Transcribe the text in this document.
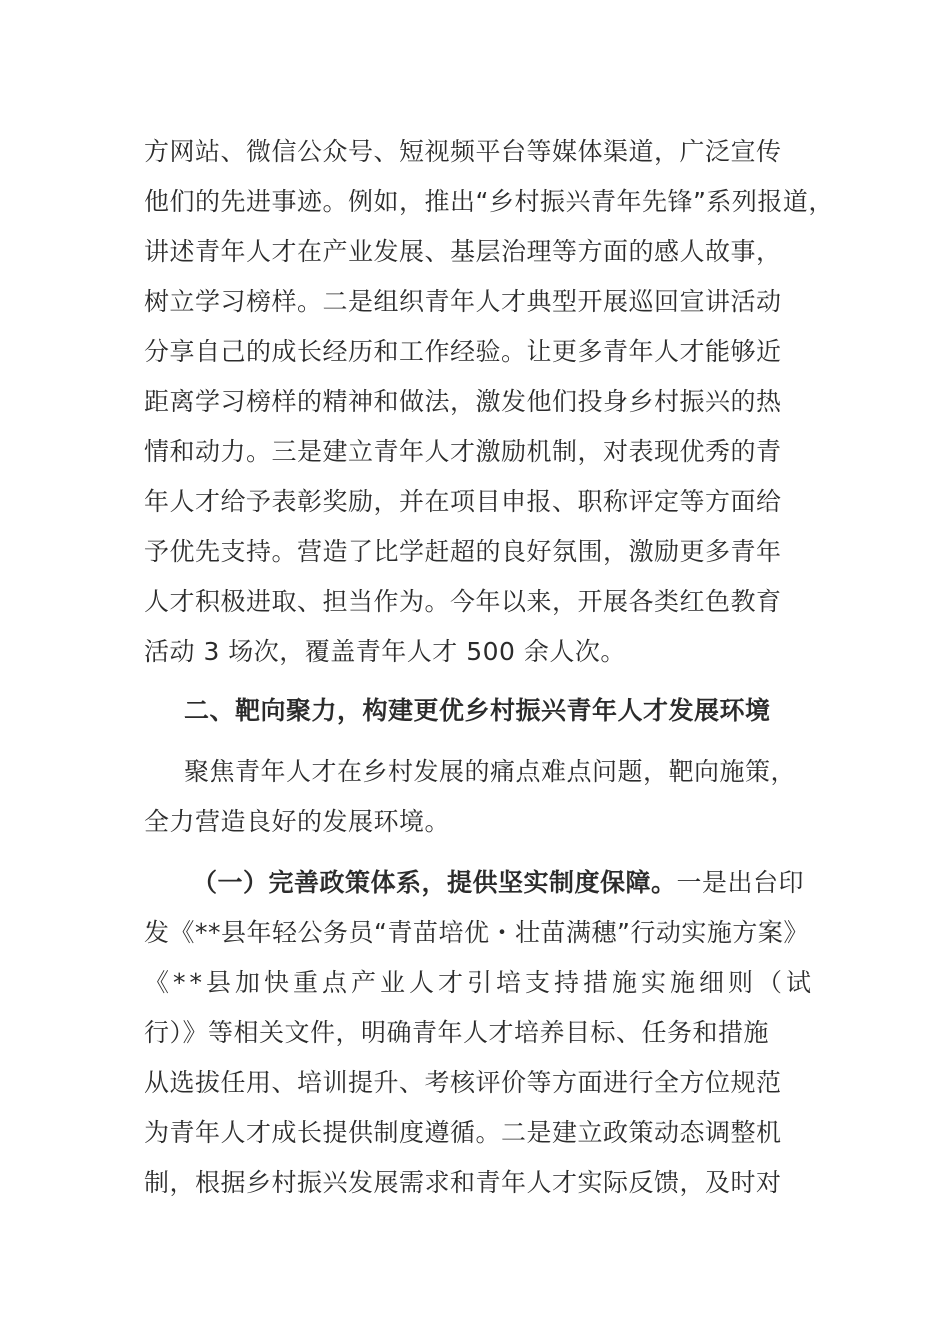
方网站、微信公众号、短视频平台等媒体渠道，广泛宣传
他们的先进事迹。例如，推出“乡村振兴青年先锋”系列报道，
讲述青年人才在产业发展、基层治理等方面的感人故事，
树立学习榜样。二是组织青年人才典型开展巡回宣讲活动
分享自己的成长经历和工作经验。让更多青年人才能够近
距离学习榜样的精神和做法，激发他们投身乡村振兴的热
情和动力。三是建立青年人才激励机制，对表现优秀的青
年人才给予表彰奖励，并在项目申报、职称评定等方面给
予优先支持。营造了比学赶超的良好氛围，激励更多青年
人才积极进取、担当作为。今年以来，开展各类红色教育
活动 3 场次，覆盖青年人才 500 余人次。
二、靶向聚力，构建更优乡村振兴青年人才发展环境
聚焦青年人才在乡村发展的痛点难点问题，靶向施策，
全力营造良好的发展环境。
（一）完善政策体系，提供坚实制度保障。一是出台印
发《**县年轻公务员“青苗培优・壮苗满穗”行动实施方案》
《**县加快重点产业人才引培支持措施实施细则（试
行）》等相关文件，明确青年人才培养目标、任务和措施
从选拔任用、培训提升、考核评价等方面进行全方位规范
为青年人才成长提供制度遵循。二是建立政策动态调整机
制，根据乡村振兴发展需求和青年人才实际反馈，及时对
